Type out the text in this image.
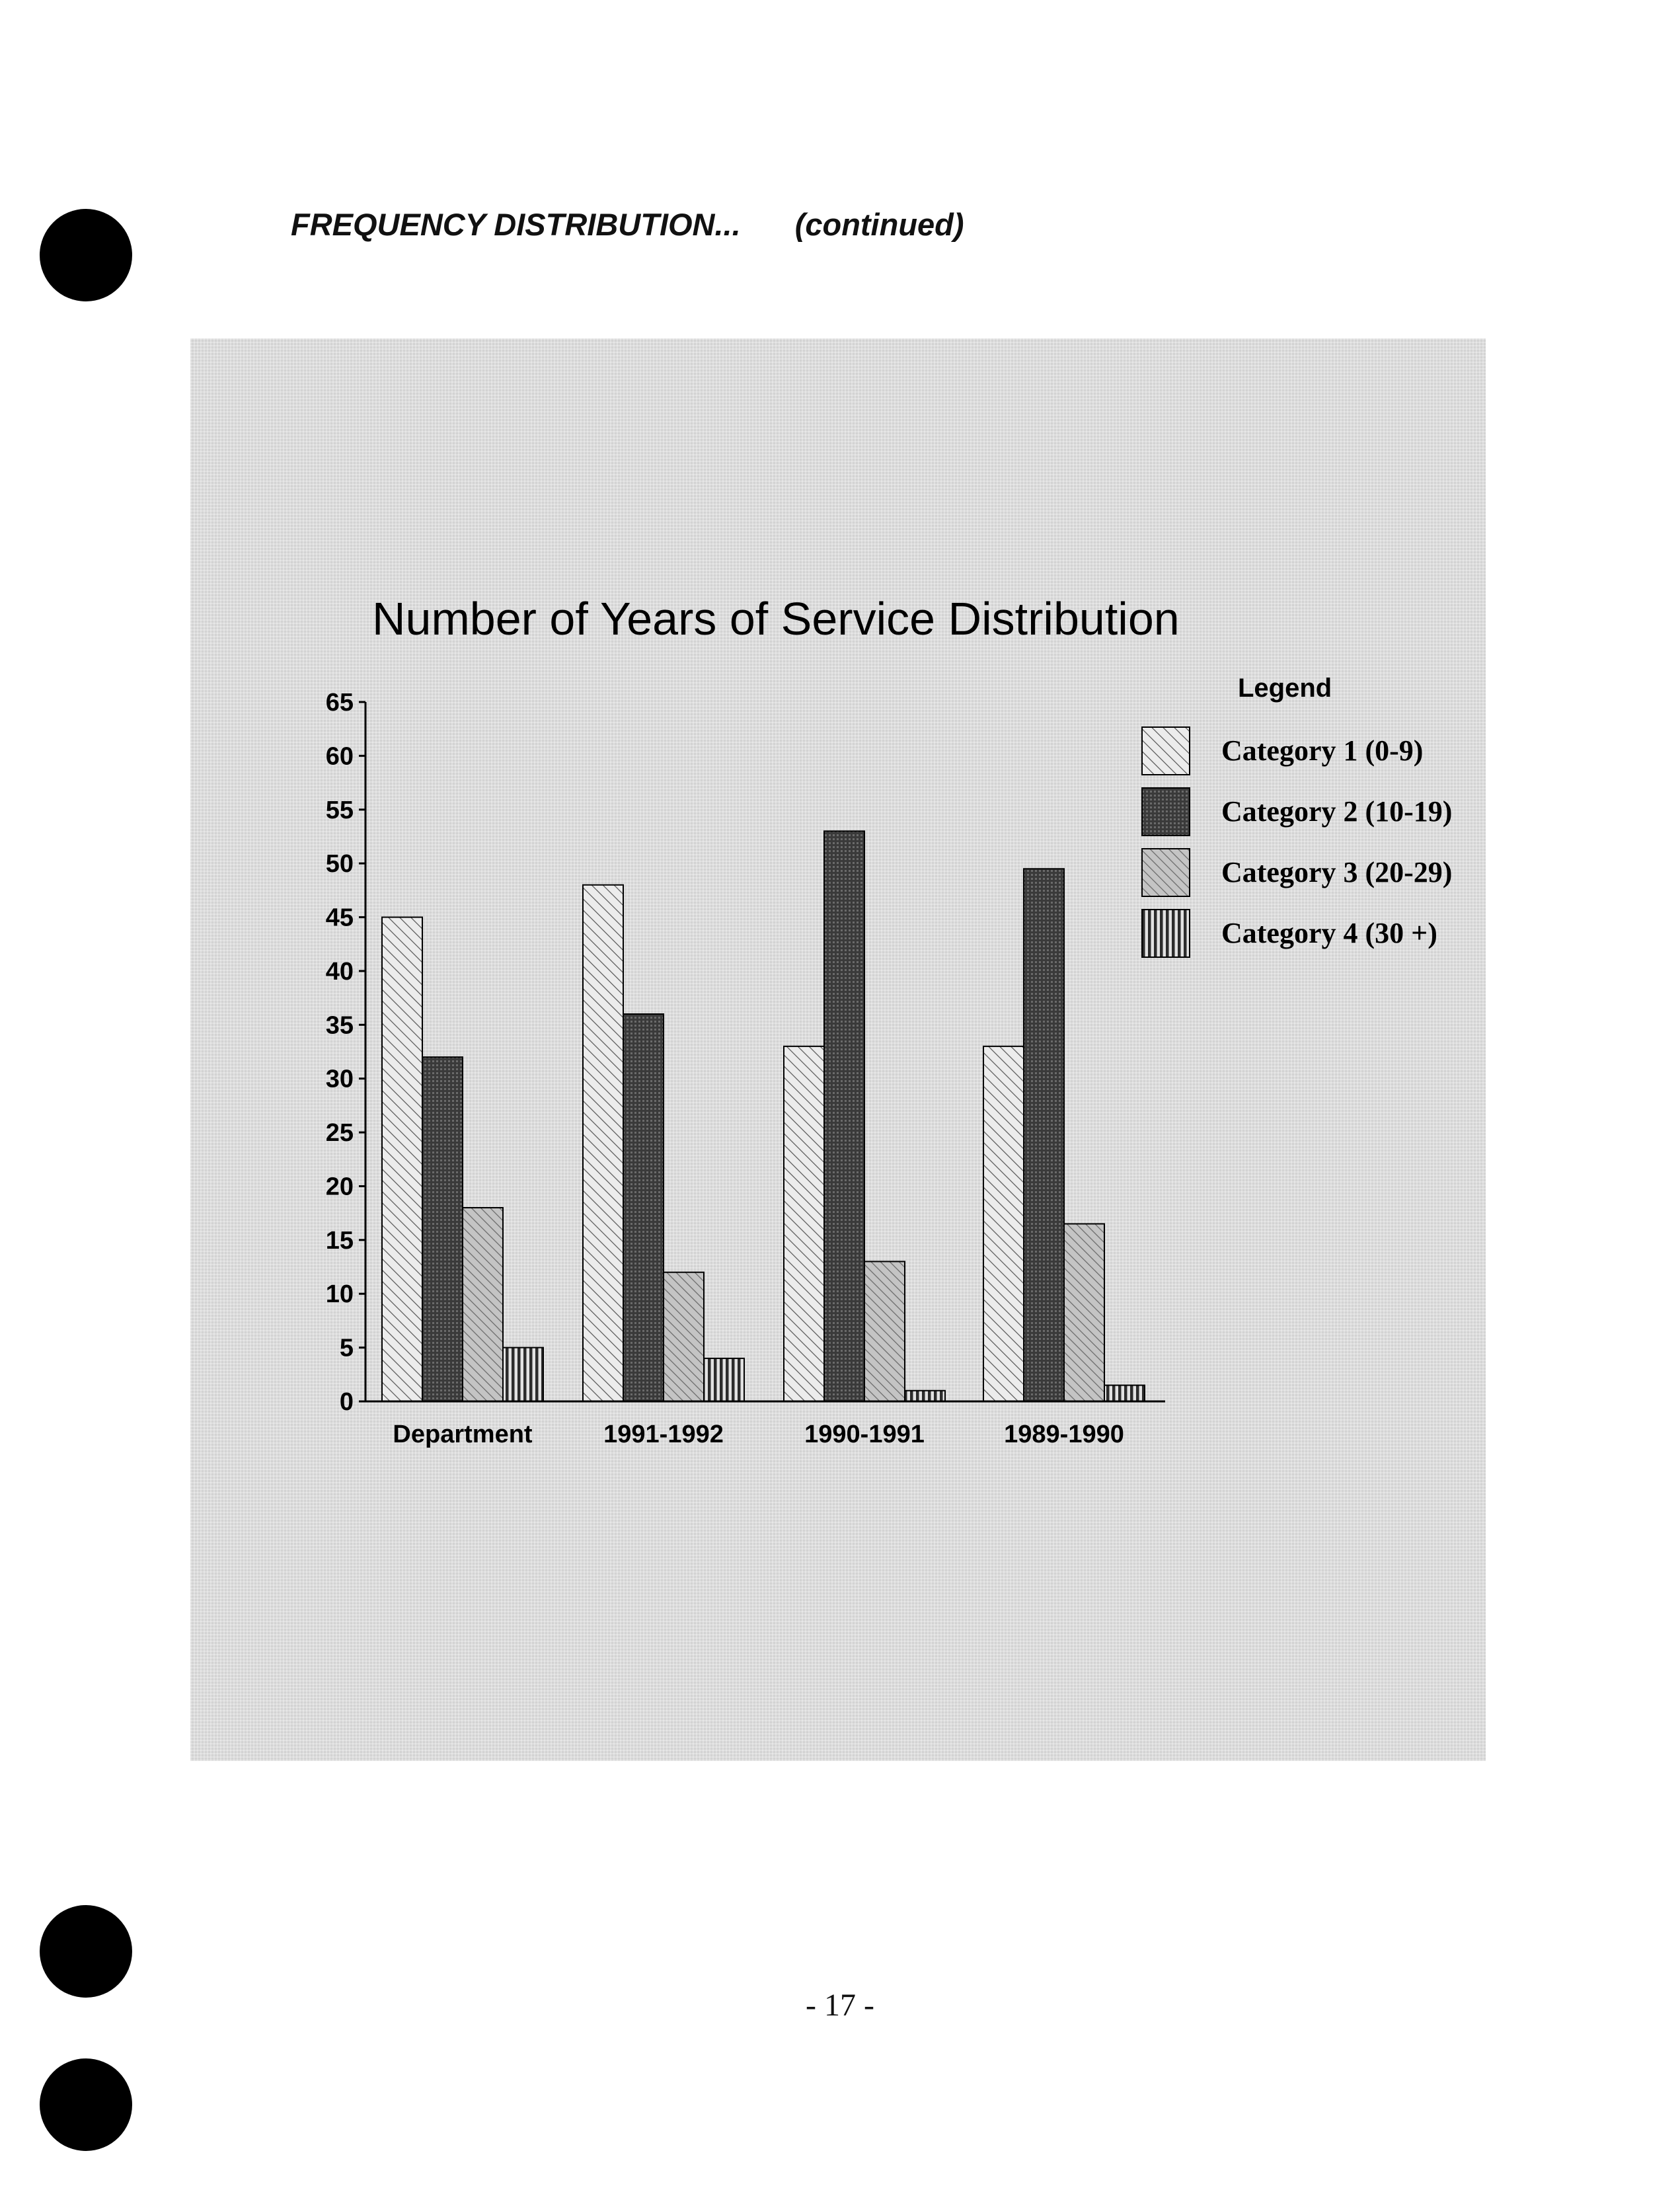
FREQUENCY DISTRIBUTION... (continued)
Number of Years of Service Distribution
0
5
10
15
20
25
30
35
40
45
50
55
60
65
Department	1991-1992	1990-1991	1989-1990
Legend
Category 1 (0-9)
Category 2 (10-19)
Category 3 (20-29)
Category 4 (30 +)
- 17 -
